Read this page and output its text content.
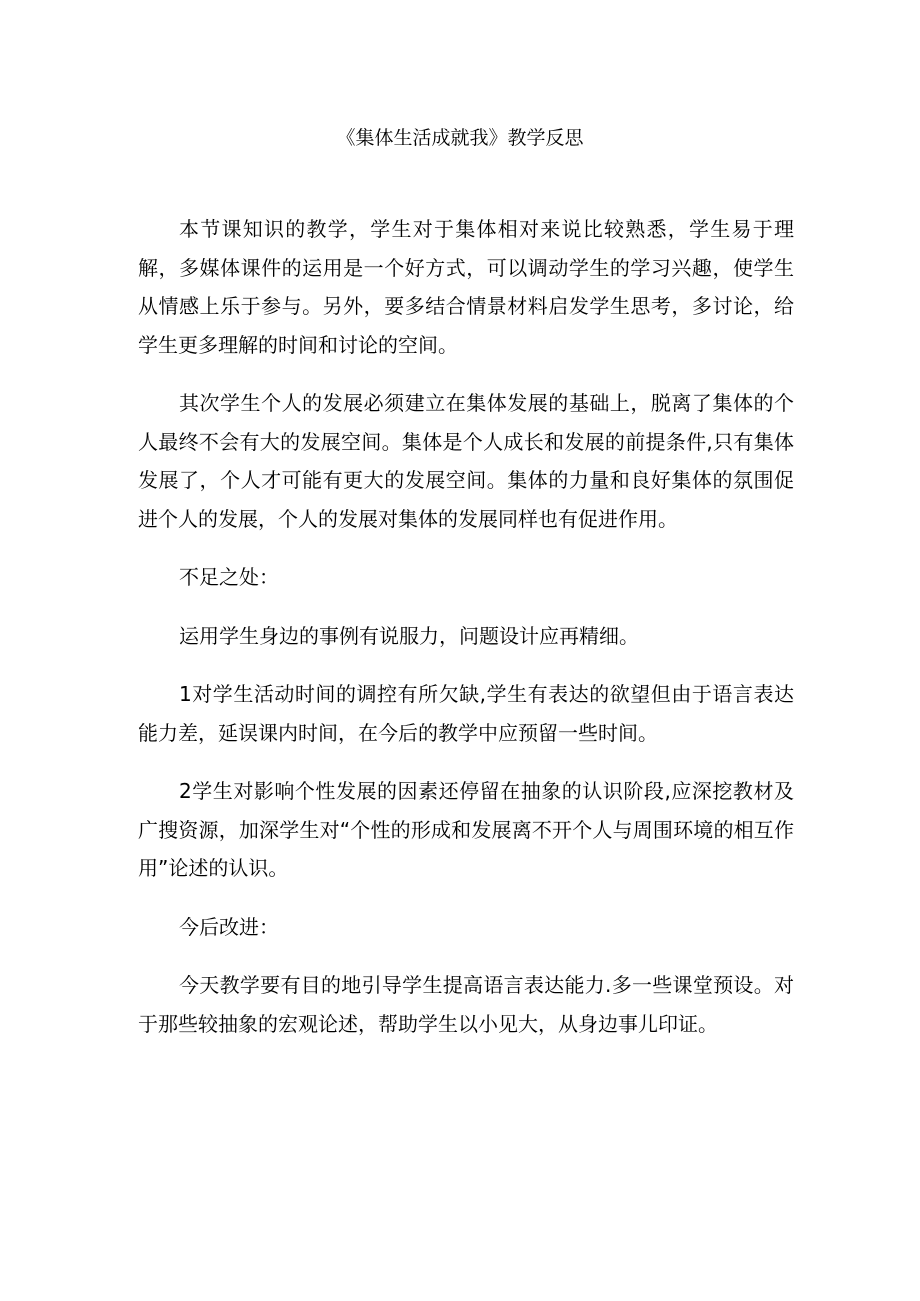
《集体生活成就我》教学反思

本节课知识的教学，学生对于集体相对来说比较熟悉，学生易于理解，多媒体课件的运用是一个好方式，可以调动学生的学习兴趣，使学生从情感上乐于参与。另外，要多结合情景材料启发学生思考，多讨论，给学生更多理解的时间和讨论的空间。

其次学生个人的发展必须建立在集体发展的基础上，脱离了集体的个人最终不会有大的发展空间。集体是个人成长和发展的前提条件,只有集体发展了，个人才可能有更大的发展空间。集体的力量和良好集体的氛围促进个人的发展，个人的发展对集体的发展同样也有促进作用。

不足之处：

运用学生身边的事例有说服力，问题设计应再精细。

1对学生活动时间的调控有所欠缺,学生有表达的欲望但由于语言表达能力差，延误课内时间，在今后的教学中应预留一些时间。

2学生对影响个性发展的因素还停留在抽象的认识阶段,应深挖教材及广搜资源，加深学生对“个性的形成和发展离不开个人与周围环境的相互作用”论述的认识。

今后改进：

今天教学要有目的地引导学生提高语言表达能力.多一些课堂预设。对于那些较抽象的宏观论述，帮助学生以小见大，从身边事儿印证。
